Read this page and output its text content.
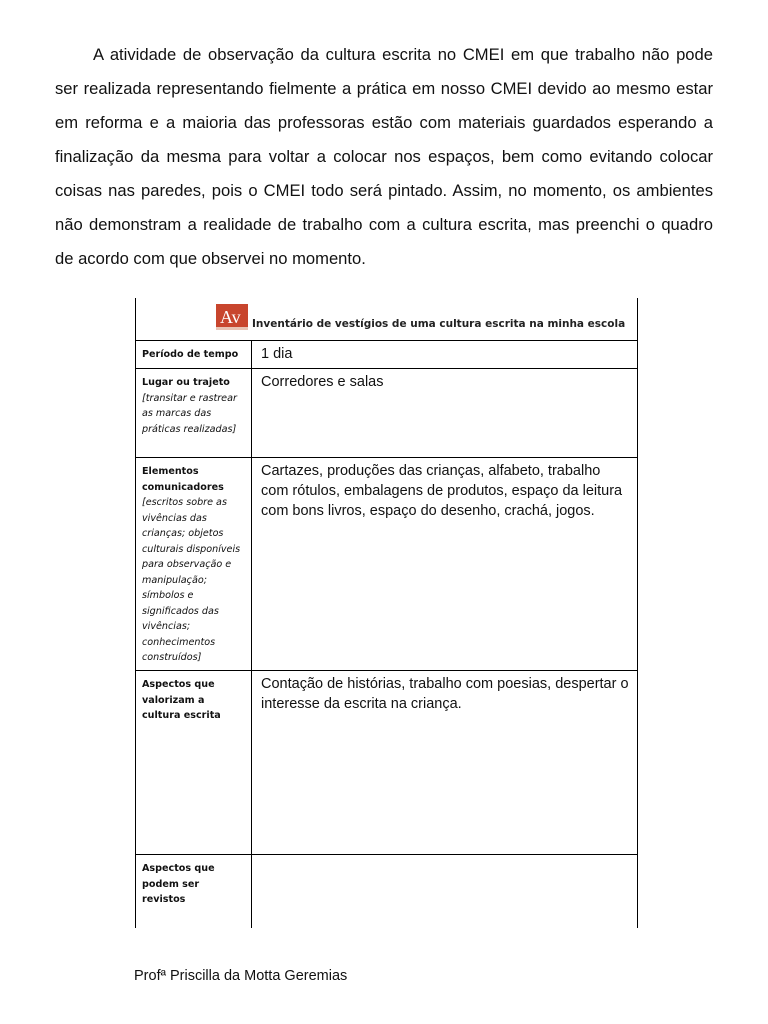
A atividade de observação da cultura escrita no CMEI em que trabalho não pode ser realizada representando fielmente a prática em nosso CMEI devido ao mesmo estar em reforma e a maioria das professoras estão com materiais guardados esperando a finalização da mesma para voltar a colocar nos espaços, bem como evitando colocar coisas nas paredes, pois o CMEI todo será pintado. Assim, no momento, os ambientes não demonstram a realidade de trabalho com a cultura escrita, mas preenchi o quadro de acordo com que observei no momento.

Av	Inventário de vestígios de uma cultura escrita na minha escola
Período de tempo	1 dia
Lugar ou trajeto
[transitar e rastrear as marcas das práticas realizadas]
Corredores e salas
Elementos comunicadores
[escritos sobre as vivências das crianças; objetos culturais disponíveis para observação e manipulação; símbolos e significados das vivências; conhecimentos construídos]
Cartazes, produções das crianças, alfabeto, trabalho com rótulos, embalagens de produtos, espaço da leitura com bons livros, espaço do desenho, crachá, jogos.
Aspectos que valorizam a cultura escrita
Contação de histórias, trabalho com poesias, despertar o interesse da escrita na criança.
Aspectos que podem ser revistos
Profª Priscilla da Motta Geremias
